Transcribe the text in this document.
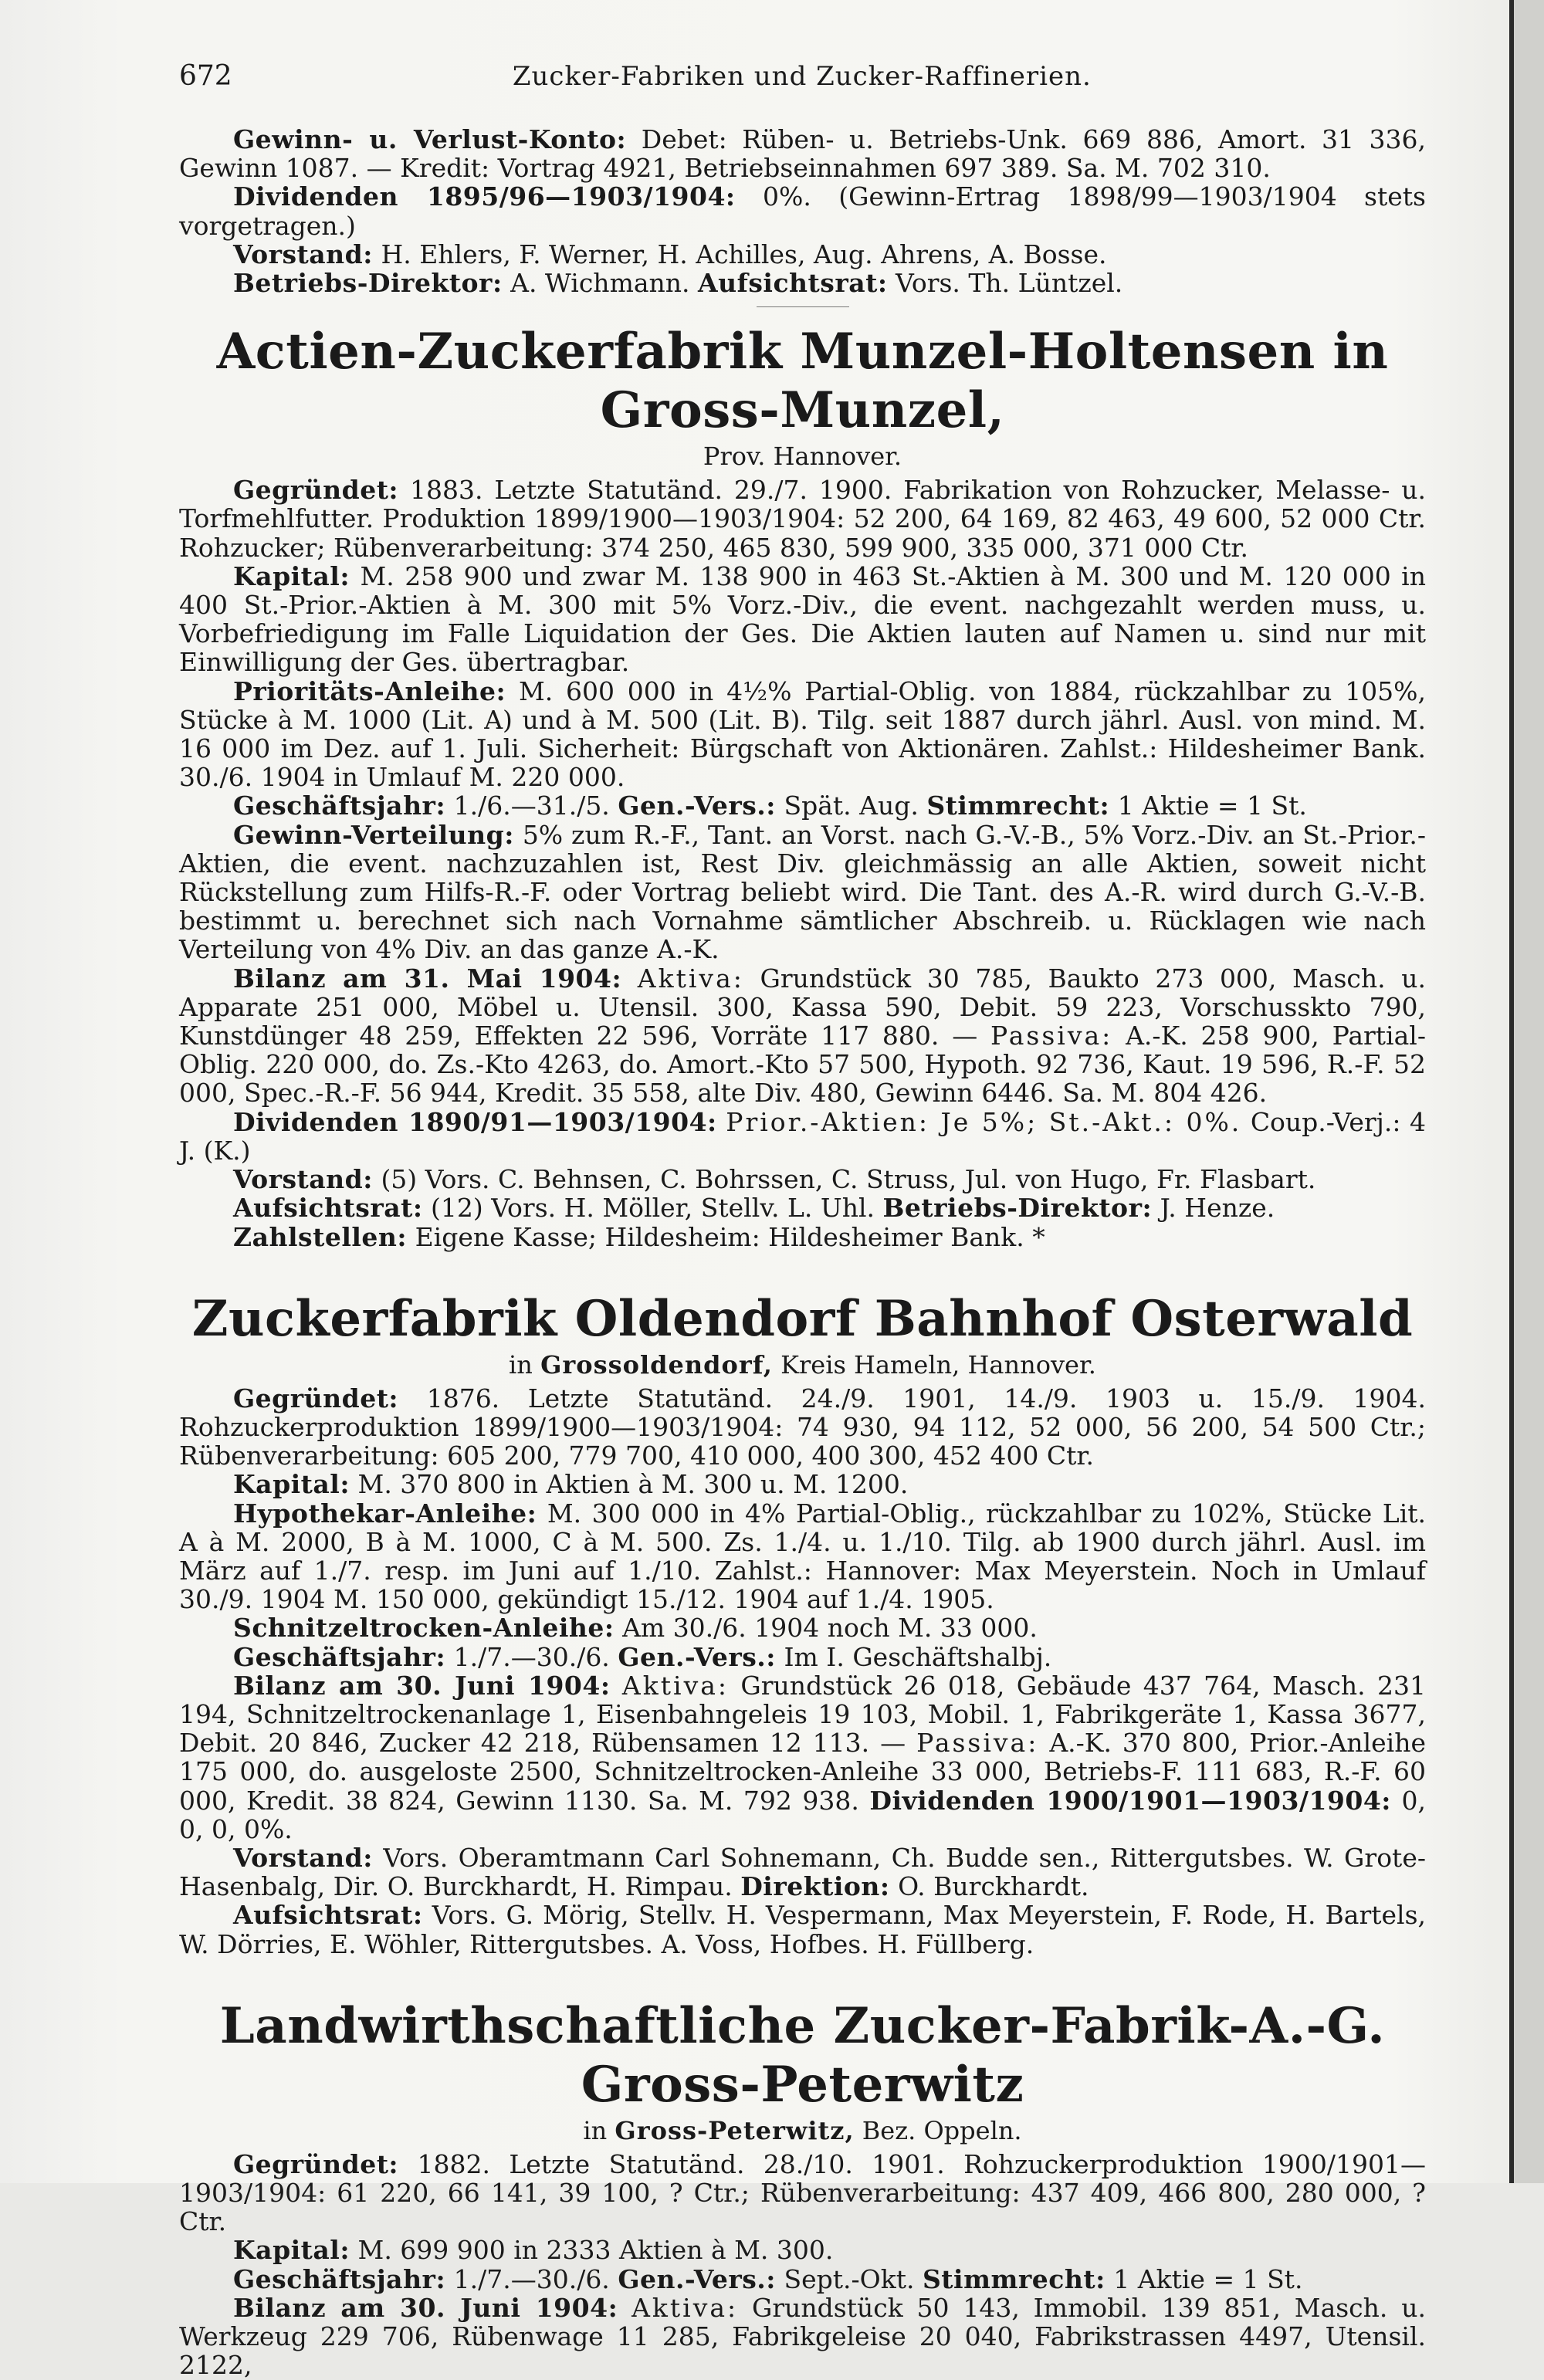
672	Zucker-Fabriken und Zucker-Raffinerien.

Gewinn- u. Verlust-Konto: Debet: Rüben- u. Betriebs-Unk. 669 886, Amort. 31 336, Gewinn 1087. — Kredit: Vortrag 4921, Betriebseinnahmen 697 389. Sa. M. 702 310.

Dividenden 1895/96—1903/1904: 0%. (Gewinn-Ertrag 1898/99—1903/1904 stets vorgetragen.)

Vorstand: H. Ehlers, F. Werner, H. Achilles, Aug. Ahrens, A. Bosse.

Betriebs-Direktor: A. Wichmann. Aufsichtsrat: Vors. Th. Lüntzel.

Actien-Zuckerfabrik Munzel-Holtensen in Gross-Munzel,
Prov. Hannover.

Gegründet: 1883. Letzte Statutänd. 29./7. 1900. Fabrikation von Rohzucker, Melasse- u. Torfmehlfutter. Produktion 1899/1900—1903/1904: 52 200, 64 169, 82 463, 49 600, 52 000 Ctr. Rohzucker; Rübenverarbeitung: 374 250, 465 830, 599 900, 335 000, 371 000 Ctr.

Kapital: M. 258 900 und zwar M. 138 900 in 463 St.-Aktien à M. 300 und M. 120 000 in 400 St.-Prior.-Aktien à M. 300 mit 5% Vorz.-Div., die event. nachgezahlt werden muss, u. Vorbefriedigung im Falle Liquidation der Ges. Die Aktien lauten auf Namen u. sind nur mit Einwilligung der Ges. übertragbar.

Prioritäts-Anleihe: M. 600 000 in 4½% Partial-Oblig. von 1884, rückzahlbar zu 105%, Stücke à M. 1000 (Lit. A) und à M. 500 (Lit. B). Tilg. seit 1887 durch jährl. Ausl. von mind. M. 16 000 im Dez. auf 1. Juli. Sicherheit: Bürgschaft von Aktionären. Zahlst.: Hildesheimer Bank. 30./6. 1904 in Umlauf M. 220 000.

Geschäftsjahr: 1./6.—31./5. Gen.-Vers.: Spät. Aug. Stimmrecht: 1 Aktie = 1 St.

Gewinn-Verteilung: 5% zum R.-F., Tant. an Vorst. nach G.-V.-B., 5% Vorz.-Div. an St.-Prior.-Aktien, die event. nachzuzahlen ist, Rest Div. gleichmässig an alle Aktien, soweit nicht Rückstellung zum Hilfs-R.-F. oder Vortrag beliebt wird. Die Tant. des A.-R. wird durch G.-V.-B. bestimmt u. berechnet sich nach Vornahme sämtlicher Abschreib. u. Rücklagen wie nach Verteilung von 4% Div. an das ganze A.-K.

Bilanz am 31. Mai 1904: Aktiva: Grundstück 30 785, Baukto 273 000, Masch. u. Apparate 251 000, Möbel u. Utensil. 300, Kassa 590, Debit. 59 223, Vorschusskto 790, Kunstdünger 48 259, Effekten 22 596, Vorräte 117 880. — Passiva: A.-K. 258 900, Partial-Oblig. 220 000, do. Zs.-Kto 4263, do. Amort.-Kto 57 500, Hypoth. 92 736, Kaut. 19 596, R.-F. 52 000, Spec.-R.-F. 56 944, Kredit. 35 558, alte Div. 480, Gewinn 6446. Sa. M. 804 426.

Dividenden 1890/91—1903/1904: Prior.-Aktien: Je 5%; St.-Akt.: 0%. Coup.-Verj.: 4 J. (K.)

Vorstand: (5) Vors. C. Behnsen, C. Bohrssen, C. Struss, Jul. von Hugo, Fr. Flasbart.

Aufsichtsrat: (12) Vors. H. Möller, Stellv. L. Uhl. Betriebs-Direktor: J. Henze.

Zahlstellen: Eigene Kasse; Hildesheim: Hildesheimer Bank. *

Zuckerfabrik Oldendorf Bahnhof Osterwald
in Grossoldendorf, Kreis Hameln, Hannover.

Gegründet: 1876. Letzte Statutänd. 24./9. 1901, 14./9. 1903 u. 15./9. 1904. Rohzuckerproduktion 1899/1900—1903/1904: 74 930, 94 112, 52 000, 56 200, 54 500 Ctr.; Rübenverarbeitung: 605 200, 779 700, 410 000, 400 300, 452 400 Ctr.

Kapital: M. 370 800 in Aktien à M. 300 u. M. 1200.

Hypothekar-Anleihe: M. 300 000 in 4% Partial-Oblig., rückzahlbar zu 102%, Stücke Lit. A à M. 2000, B à M. 1000, C à M. 500. Zs. 1./4. u. 1./10. Tilg. ab 1900 durch jährl. Ausl. im März auf 1./7. resp. im Juni auf 1./10. Zahlst.: Hannover: Max Meyerstein. Noch in Umlauf 30./9. 1904 M. 150 000, gekündigt 15./12. 1904 auf 1./4. 1905.

Schnitzeltrocken-Anleihe: Am 30./6. 1904 noch M. 33 000.

Geschäftsjahr: 1./7.—30./6. Gen.-Vers.: Im I. Geschäftshalbj.

Bilanz am 30. Juni 1904: Aktiva: Grundstück 26 018, Gebäude 437 764, Masch. 231 194, Schnitzeltrockenanlage 1, Eisenbahngeleis 19 103, Mobil. 1, Fabrikgeräte 1, Kassa 3677, Debit. 20 846, Zucker 42 218, Rübensamen 12 113. — Passiva: A.-K. 370 800, Prior.-Anleihe 175 000, do. ausgeloste 2500, Schnitzeltrocken-Anleihe 33 000, Betriebs-F. 111 683, R.-F. 60 000, Kredit. 38 824, Gewinn 1130. Sa. M. 792 938. Dividenden 1900/1901—1903/1904: 0, 0, 0, 0%.

Vorstand: Vors. Oberamtmann Carl Sohnemann, Ch. Budde sen., Rittergutsbes. W. Grote-Hasenbalg, Dir. O. Burckhardt, H. Rimpau. Direktion: O. Burckhardt.

Aufsichtsrat: Vors. G. Mörig, Stellv. H. Vespermann, Max Meyerstein, F. Rode, H. Bartels, W. Dörries, E. Wöhler, Rittergutsbes. A. Voss, Hofbes. H. Füllberg.

Landwirthschaftliche Zucker-Fabrik-A.-G. Gross-Peterwitz
in Gross-Peterwitz, Bez. Oppeln.

Gegründet: 1882. Letzte Statutänd. 28./10. 1901. Rohzuckerproduktion 1900/1901—1903/1904: 61 220, 66 141, 39 100, ? Ctr.; Rübenverarbeitung: 437 409, 466 800, 280 000, ? Ctr.

Kapital: M. 699 900 in 2333 Aktien à M. 300.

Geschäftsjahr: 1./7.—30./6. Gen.-Vers.: Sept.-Okt. Stimmrecht: 1 Aktie = 1 St.

Bilanz am 30. Juni 1904: Aktiva: Grundstück 50 143, Immobil. 139 851, Masch. u. Werkzeug 229 706, Rübenwage 11 285, Fabrikgeleise 20 040, Fabrikstrassen 4497, Utensil. 2122,
